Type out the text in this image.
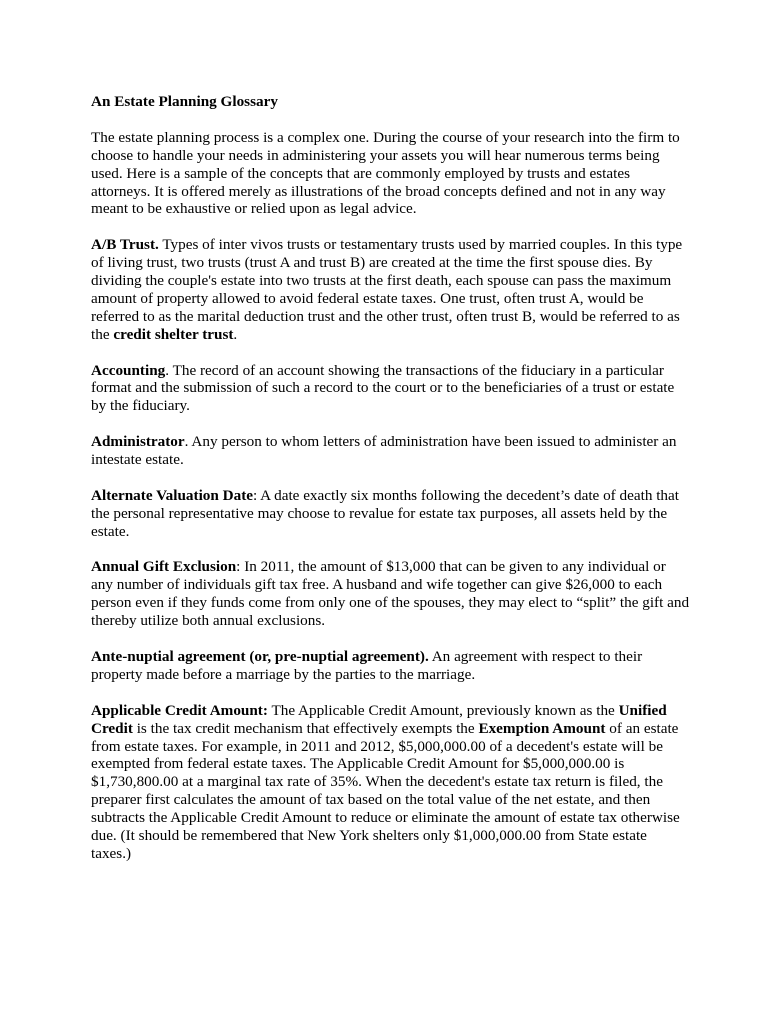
An Estate Planning Glossary

The estate planning process is a complex one. During the course of your research into the firm to choose to handle your needs in administering your assets you will hear numerous terms being used. Here is a sample of the concepts that are commonly employed by trusts and estates attorneys. It is offered merely as illustrations of the broad concepts defined and not in any way meant to be exhaustive or relied upon as legal advice.

A/B Trust. Types of inter vivos trusts or testamentary trusts used by married couples. In this type of living trust, two trusts (trust A and trust B) are created at the time the first spouse dies. By dividing the couple's estate into two trusts at the first death, each spouse can pass the maximum amount of property allowed to avoid federal estate taxes. One trust, often trust A, would be referred to as the marital deduction trust and the other trust, often trust B, would be referred to as the credit shelter trust.

Accounting. The record of an account showing the transactions of the fiduciary in a particular format and the submission of such a record to the court or to the beneficiaries of a trust or estate by the fiduciary.

Administrator. Any person to whom letters of administration have been issued to administer an intestate estate.

Alternate Valuation Date: A date exactly six months following the decedent’s date of death that the personal representative may choose to revalue for estate tax purposes, all assets held by the estate.

Annual Gift Exclusion: In 2011, the amount of $13,000 that can be given to any individual or any number of individuals gift tax free. A husband and wife together can give $26,000 to each person even if they funds come from only one of the spouses, they may elect to “split” the gift and thereby utilize both annual exclusions.

Ante-nuptial agreement (or, pre-nuptial agreement). An agreement with respect to their property made before a marriage by the parties to the marriage.

Applicable Credit Amount: The Applicable Credit Amount, previously known as the Unified Credit is the tax credit mechanism that effectively exempts the Exemption Amount of an estate from estate taxes. For example, in 2011 and 2012, $5,000,000.00 of a decedent's estate will be exempted from federal estate taxes. The Applicable Credit Amount for $5,000,000.00 is $1,730,800.00 at a marginal tax rate of 35%. When the decedent's estate tax return is filed, the preparer first calculates the amount of tax based on the total value of the net estate, and then subtracts the Applicable Credit Amount to reduce or eliminate the amount of estate tax otherwise due. (It should be remembered that New York shelters only $1,000,000.00 from State estate taxes.)
